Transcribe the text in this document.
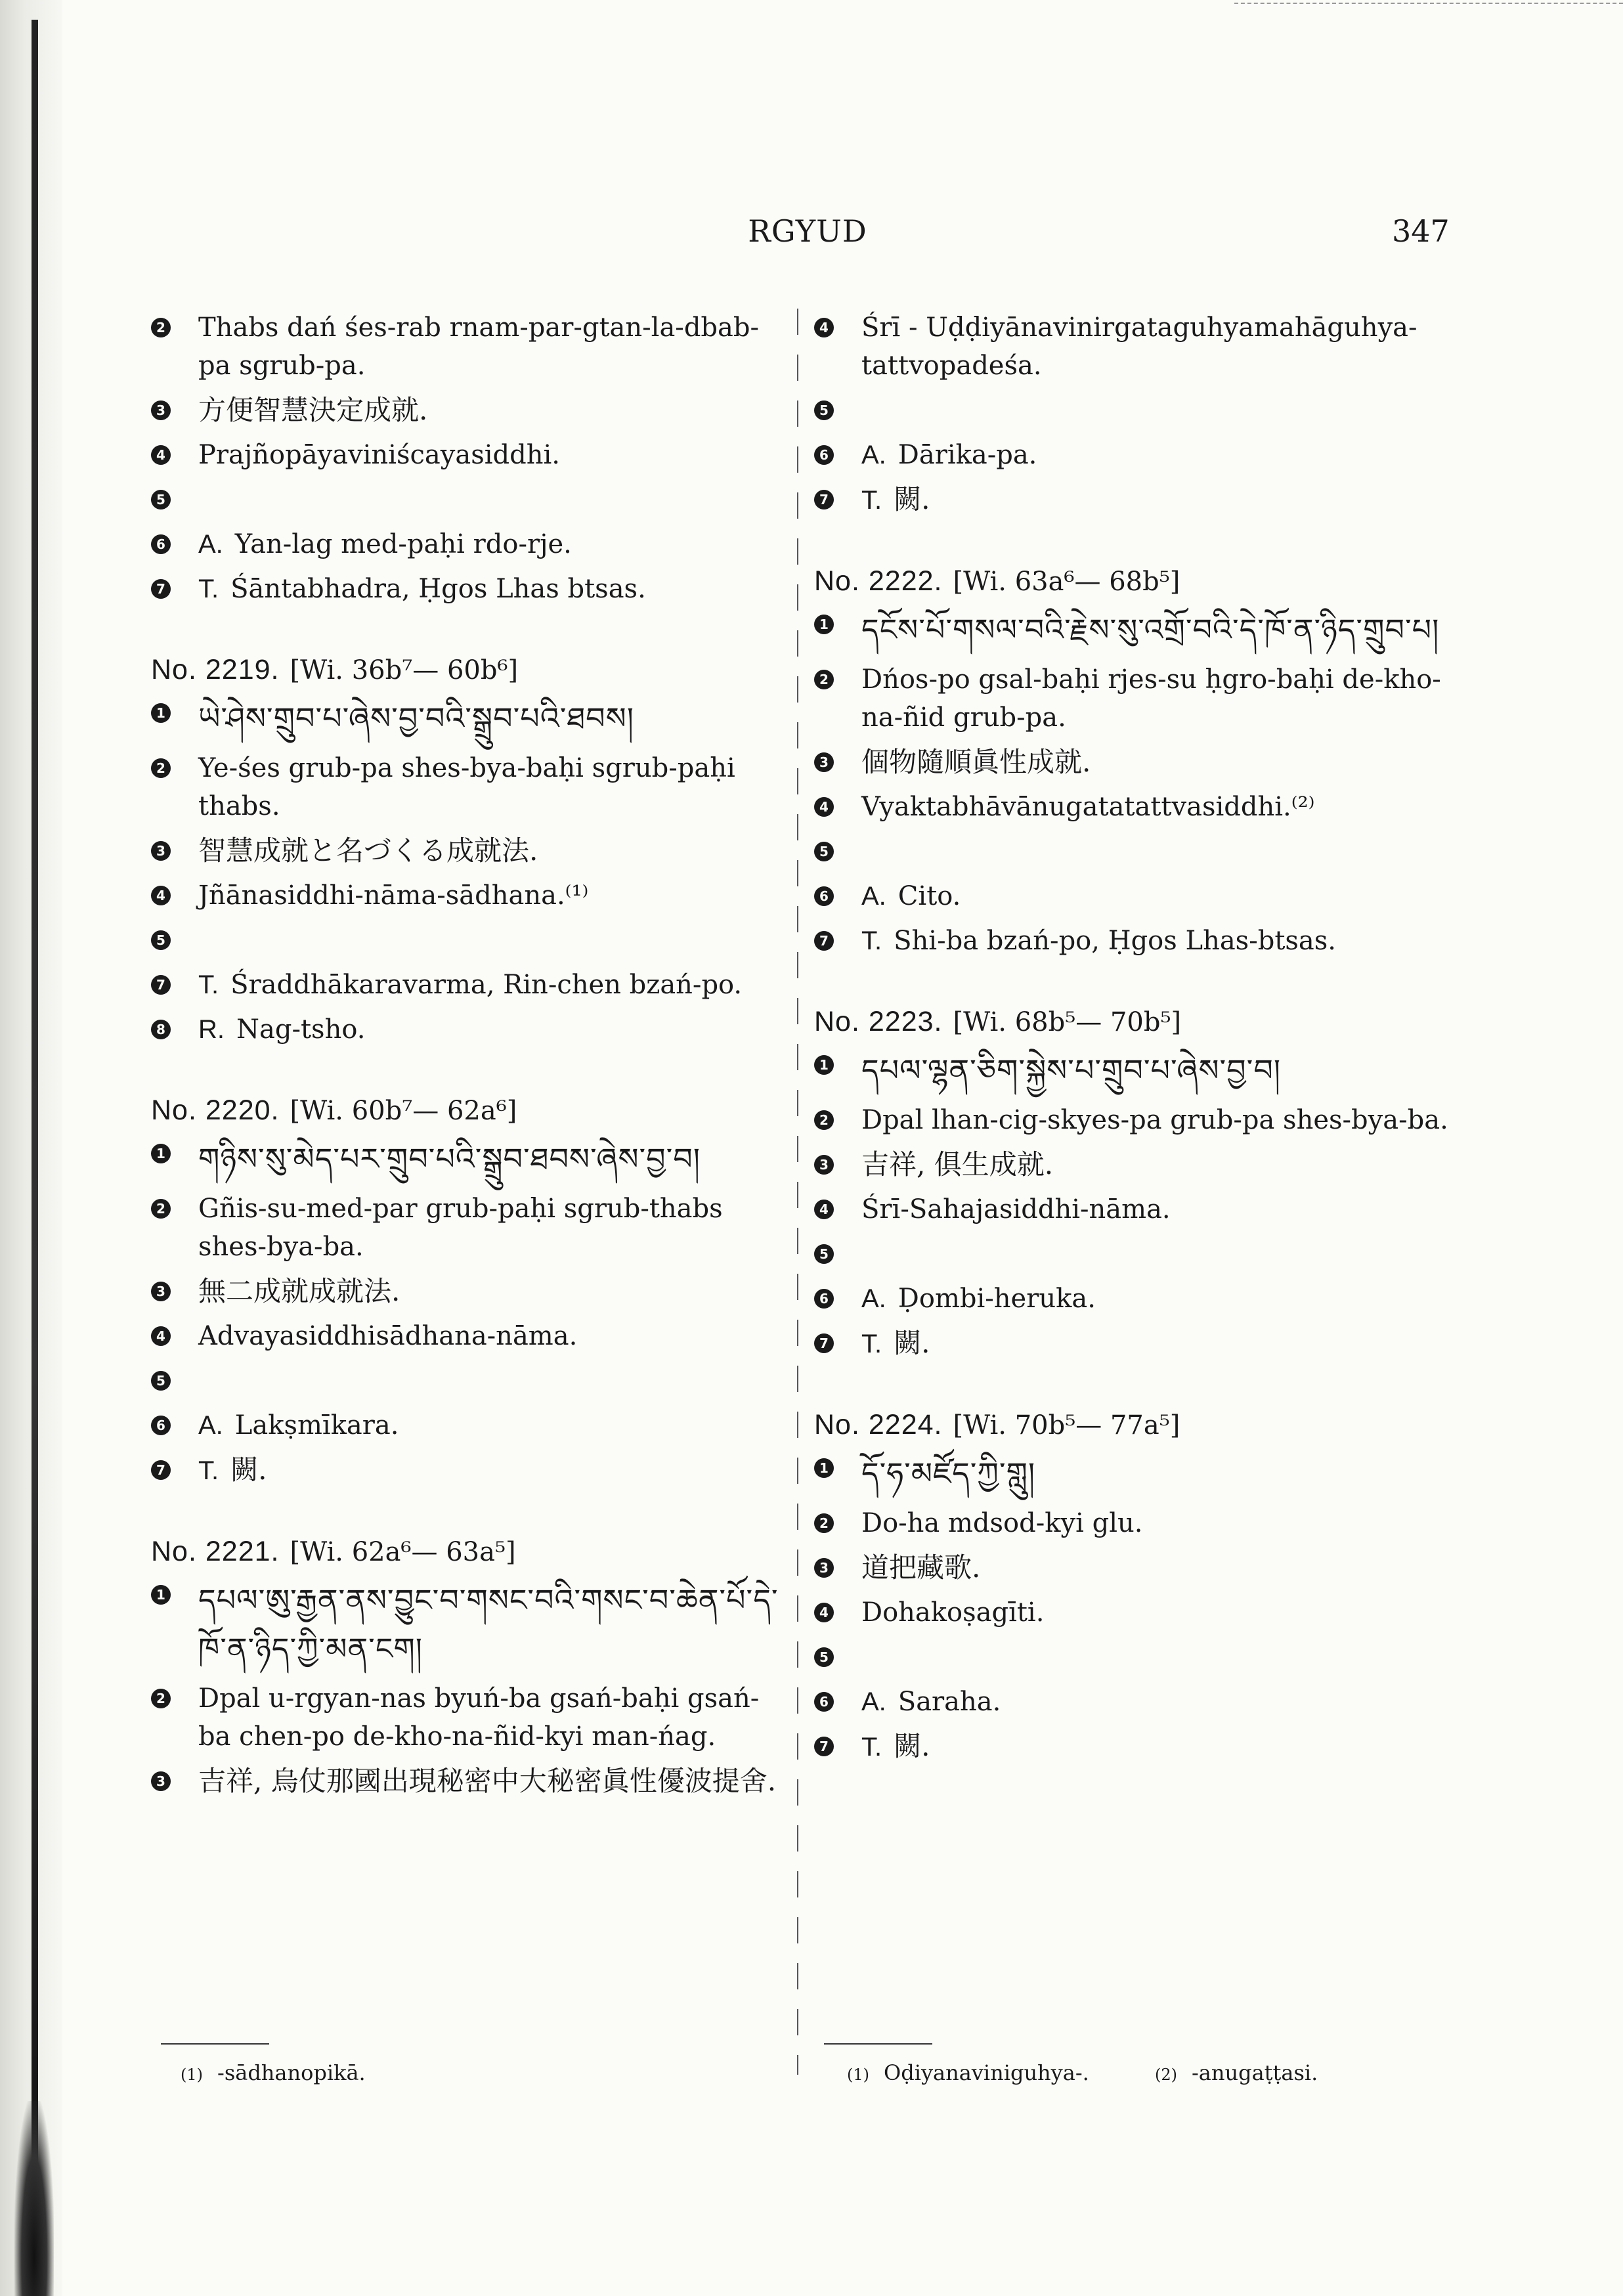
RGYUD	347
2 Thabs dań śes-rab rnam-par-gtan-la-dbab-pa sgrub-pa.
3 方便智慧決定成就.
4 Prajñopāyaviniścayasiddhi.
5
6 A. Yan-lag med-paḥi rdo-rje.
7 T. Śāntabhadra, Ḥgos Lhas btsas.
No. 2219. [Wi. 36b⁷— 60b⁶]
1 ཡེ་ཤེས་གྲུབ་པ་ཞེས་བྱ་བའི་སྒྲུབ་པའི་ཐབས།
2 Ye-śes grub-pa shes-bya-baḥi sgrub-paḥi thabs.
3 智慧成就と名づくる成就法.
4 Jñānasiddhi-nāma-sādhana.⁽¹⁾
5
7 T. Śraddhākaravarma, Rin-chen bzań-po.
8 R. Nag-tsho.
No. 2220. [Wi. 60b⁷— 62a⁶]
1 གཉིས་སུ་མེད་པར་གྲུབ་པའི་སྒྲུབ་ཐབས་ཞེས་བྱ་བ།
2 Gñis-su-med-par grub-paḥi sgrub-thabs shes-bya-ba.
3 無二成就成就法.
4 Advayasiddhisādhana-nāma.
5
6 A. Lakṣmīkara.
7 T. 闕.
No. 2221. [Wi. 62a⁶— 63a⁵]
1 དཔལ་ཨུ་རྒྱན་ནས་བྱུང་བ་གསང་བའི་གསང་བ་ཆེན་པོ་དེ་ཁོ་ན་ཉིད་ཀྱི་མན་ངག།
2 Dpal u-rgyan-nas byuń-ba gsań-baḥi gsań-ba chen-po de-kho-na-ñid-kyi man-ńag.
3 吉祥, 烏仗那國出現秘密中大秘密眞性優波提舍.
4 Śrī - Uḍḍiyānavinirgataguhyamahāguhya-tattvopadeśa.
5
6 A. Dārika-pa.
7 T. 闕.
No. 2222. [Wi. 63a⁶— 68b⁵]
1 དངོས་པོ་གསལ་བའི་རྗེས་སུ་འགྲོ་བའི་དེ་ཁོ་ན་ཉིད་གྲུབ་པ།
2 Dńos-po gsal-baḥi rjes-su ḥgro-baḥi de-kho-na-ñid grub-pa.
3 個物隨順眞性成就.
4 Vyaktabhāvānugatatattvasiddhi.⁽²⁾
5
6 A. Cito.
7 T. Shi-ba bzań-po, Ḥgos Lhas-btsas.
No. 2223. [Wi. 68b⁵— 70b⁵]
1 དཔལ་ལྷན་ཅིག་སྐྱེས་པ་གྲུབ་པ་ཞེས་བྱ་བ།
2 Dpal lhan-cig-skyes-pa grub-pa shes-bya-ba.
3 吉祥, 俱生成就.
4 Śrī-Sahajasiddhi-nāma.
5
6 A. Ḍombi-heruka.
7 T. 闕.
No. 2224. [Wi. 70b⁵— 77a⁵]
1 དོ་ཧ་མཛོད་ཀྱི་གླུ།
2 Do-ha mdsod-kyi glu.
3 道把藏歌.
4 Dohakoṣagīti.
5
6 A. Saraha.
7 T. 闕.
(1) -sādhanopikā.	(1) Oḍiyanaviniguhya-.	(2) -anugaṭṭasi.
